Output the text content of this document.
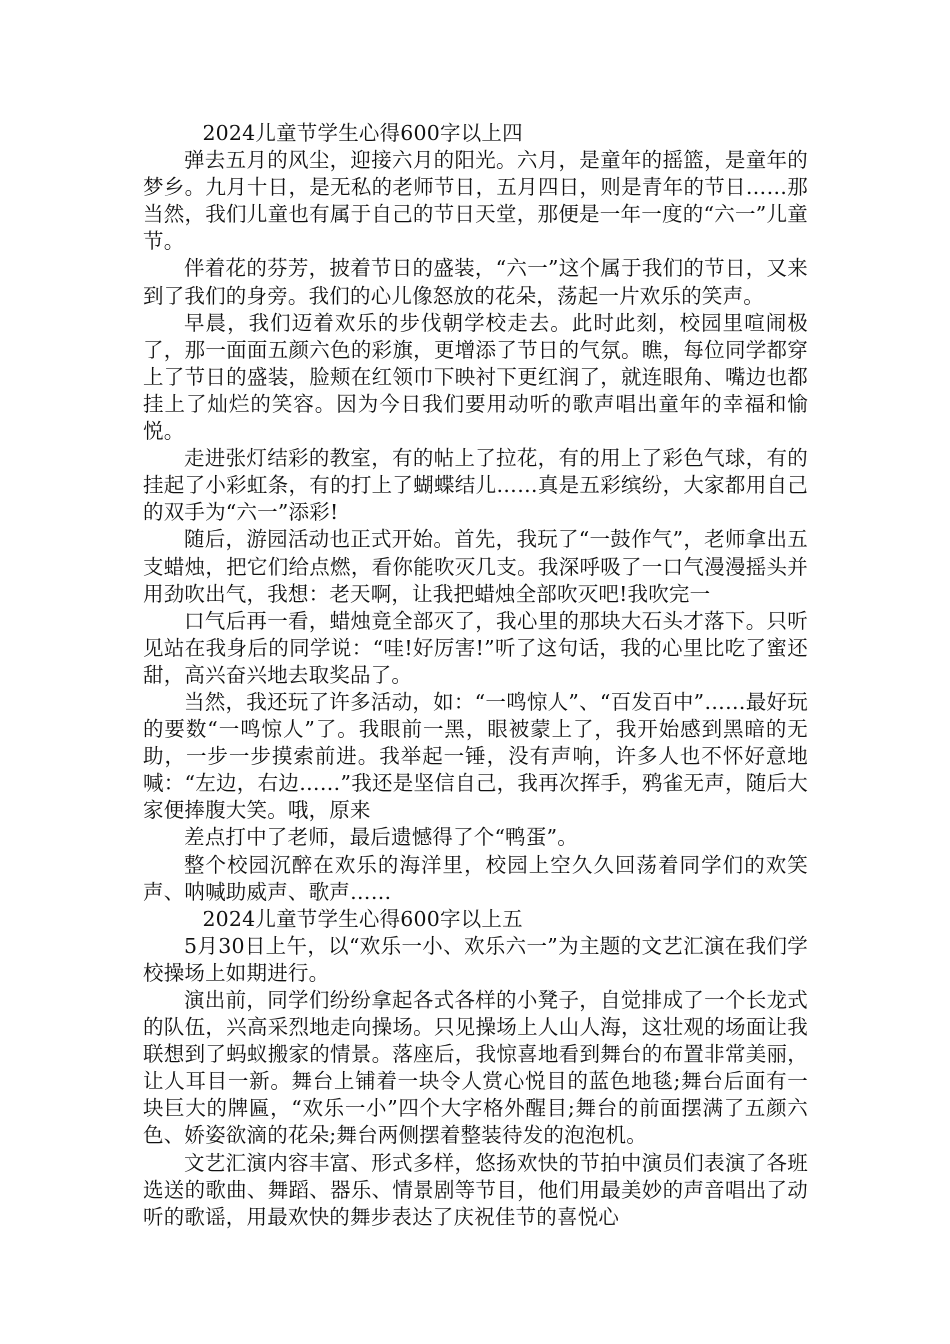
2024儿童节学生心得600字以上四

弹去五月的风尘，迎接六月的阳光。六月，是童年的摇篮，是童年的梦乡。九月十日，是无私的老师节日，五月四日，则是青年的节日……那当然，我们儿童也有属于自己的节日天堂，那便是一年一度的“六一”儿童节。

伴着花的芬芳，披着节日的盛装，“六一”这个属于我们的节日，又来到了我们的身旁。我们的心儿像怒放的花朵，荡起一片欢乐的笑声。

早晨，我们迈着欢乐的步伐朝学校走去。此时此刻，校园里喧闹极了，那一面面五颜六色的彩旗，更增添了节日的气氛。瞧，每位同学都穿上了节日的盛装，脸颊在红领巾下映衬下更红润了，就连眼角、嘴边也都挂上了灿烂的笑容。因为今日我们要用动听的歌声唱出童年的幸福和愉悦。

走进张灯结彩的教室，有的帖上了拉花，有的用上了彩色气球，有的挂起了小彩虹条，有的打上了蝴蝶结儿……真是五彩缤纷，大家都用自己的双手为“六一”添彩!

随后，游园活动也正式开始。首先，我玩了“一鼓作气”，老师拿出五支蜡烛，把它们给点燃，看你能吹灭几支。我深呼吸了一口气漫漫摇头并用劲吹出气，我想：老天啊，让我把蜡烛全部吹灭吧!我吹完一

口气后再一看，蜡烛竟全部灭了，我心里的那块大石头才落下。只听见站在我身后的同学说：“哇!好厉害!”听了这句话，我的心里比吃了蜜还甜，高兴奋兴地去取奖品了。

当然，我还玩了许多活动，如：“一鸣惊人”、“百发百中”……最好玩的要数“一鸣惊人”了。我眼前一黑，眼被蒙上了，我开始感到黑暗的无助，一步一步摸索前进。我举起一锤，没有声响，许多人也不怀好意地喊：“左边，右边……”我还是坚信自己，我再次挥手，鸦雀无声，随后大家便捧腹大笑。哦，原来

差点打中了老师，最后遗憾得了个“鸭蛋”。

整个校园沉醉在欢乐的海洋里，校园上空久久回荡着同学们的欢笑声、呐喊助威声、歌声……

2024儿童节学生心得600字以上五

5月30日上午，以“欢乐一小、欢乐六一”为主题的文艺汇演在我们学校操场上如期进行。

演出前，同学们纷纷拿起各式各样的小凳子，自觉排成了一个长龙式的队伍，兴高采烈地走向操场。只见操场上人山人海，这壮观的场面让我联想到了蚂蚁搬家的情景。落座后，我惊喜地看到舞台的布置非常美丽，让人耳目一新。舞台上铺着一块令人赏心悦目的蓝色地毯;舞台后面有一块巨大的牌匾，“欢乐一小”四个大字格外醒目;舞台的前面摆满了五颜六色、娇姿欲滴的花朵;舞台两侧摆着整装待发的泡泡机。

文艺汇演内容丰富、形式多样，悠扬欢快的节拍中演员们表演了各班选送的歌曲、舞蹈、器乐、情景剧等节目，他们用最美妙的声音唱出了动听的歌谣，用最欢快的舞步表达了庆祝佳节的喜悦心
